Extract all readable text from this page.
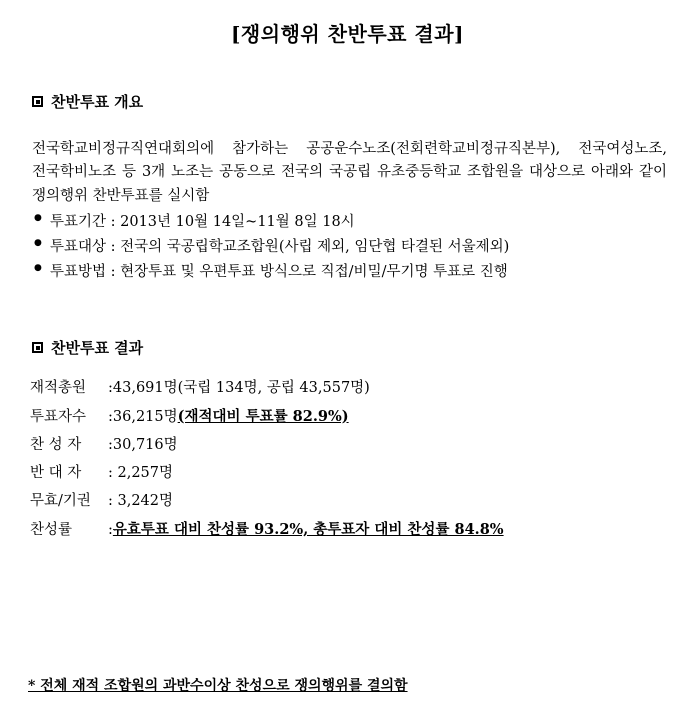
[쟁의행위 찬반투표 결과]
찬반투표 개요
전국학교비정규직연대회의에 참가하는 공공운수노조(전회련학교비정규직본부), 전국여성노조, 전국학비노조 등 3개 노조는 공동으로 전국의 국공립 유초중등학교 조합원을 대상으로 아래와 같이 쟁의행위 찬반투표를 실시함
● 투표기간 : 2013년 10월 14일~11월 8일 18시
● 투표대상 : 전국의 국공립학교조합원(사립 제외, 임단협 타결된 서울제외)
● 투표방법 : 현장투표 및 우편투표 방식으로 직접/비밀/무기명 투표로 진행
찬반투표 결과
재적총원:43,691명(국립 134명, 공립 43,557명)
투표자수:36,215명(재적대비 투표률 82.9%)
찬 성 자:30,716명
반 대 자: 2,257명
무효/기권: 3,242명
찬성률:유효투표 대비 찬성률 93.2%, 총투표자 대비 찬성률 84.8%
* 전체 재적 조합원의 과반수이상 찬성으로 쟁의행위를 결의함
